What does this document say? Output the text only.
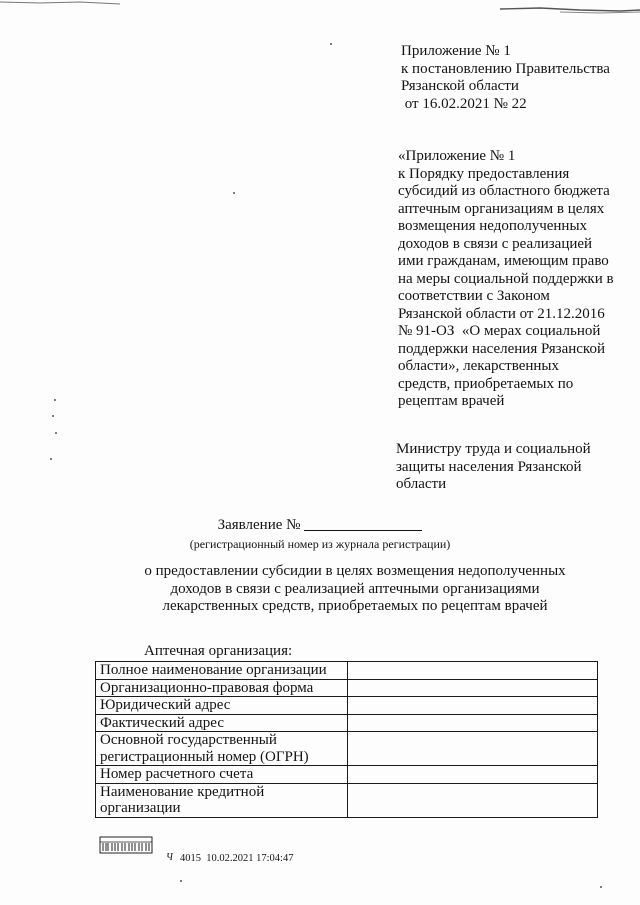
Приложение № 1
к постановлению Правительства
Рязанской области
от 16.02.2021 № 22
«Приложение № 1
к Порядку предоставления
субсидий из областного бюджета
аптечным организациям в целях
возмещения недополученных
доходов в связи с реализацией
ими гражданам, имеющим право
на меры социальной поддержки в
соответствии с Законом
Рязанской области от 21.12.2016
№ 91-ОЗ  «О мерах социальной
поддержки населения Рязанской
области», лекарственных
средств, приобретаемых по
рецептам врачей
Министру труда и социальной
защиты населения Рязанской
области
Заявление №
(регистрационный номер из журнала регистрации)
о предоставлении субсидии в целях возмещения недополученных
доходов в связи с реализацией аптечными организациями
лекарственных средств, приобретаемых по рецептам врачей
Аптечная организация:
Полное наименование организации	
Организационно-правовая форма	
Юридический адрес	
Фактический адрес	
Основной государственный регистрационный номер (ОГРН)	
Номер расчетного счета	
Наименование кредитной организации	
Ч 4015  10.02.2021 17:04:47
